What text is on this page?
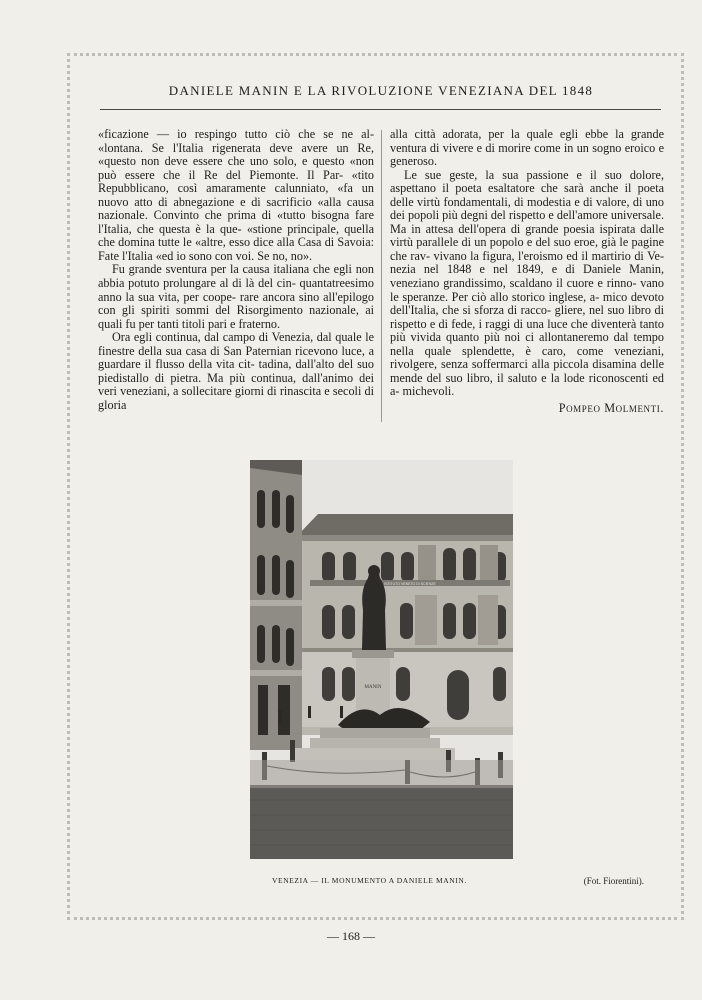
DANIELE MANIN E LA RIVOLUZIONE VENEZIANA DEL 1848

«ficazione — io respingo tutto ciò che se ne al- «lontana. Se l'Italia rigenerata deve avere un Re, «questo non deve essere che uno solo, e questo «non può essere che il Re del Piemonte. Il Par- «tito Repubblicano, così amaramente calunniato, «fa un nuovo atto di abnegazione e di sacrificio «alla causa nazionale. Convinto che prima di «tutto bisogna fare l'Italia, che questa è la que- «stione principale, quella che domina tutte le «altre, esso dice alla Casa di Savoia: Fate l'Italia «ed io sono con voi. Se no, no».

Fu grande sventura per la causa italiana che egli non abbia potuto prolungare al di là del cin- quantatreesimo anno la sua vita, per coope- rare ancora sino all'epilogo con gli spiriti sommi del Risorgimento nazionale, ai quali fu per tanti titoli pari e fraterno.

Ora egli continua, dal campo di Venezia, dal quale le finestre della sua casa di San Paternian ricevono luce, a guardare il flusso della vita cit- tadina, dall'alto del suo piedistallo di pietra. Ma più continua, dall'animo dei veri veneziani, a sollecitare giorni di rinascita e secoli di gloria

alla città adorata, per la quale egli ebbe la grande ventura di vivere e di morire come in un sogno eroico e generoso.

Le sue geste, la sua passione e il suo dolore, aspettano il poeta esaltatore che sarà anche il poeta delle virtù fondamentali, di modestia e di valore, di uno dei popoli più degni del rispetto e dell'amore universale. Ma in attesa dell'opera di grande poesia ispirata dalle virtù parallele di un popolo e del suo eroe, già le pagine che rav- vivano la figura, l'eroismo ed il martirio di Ve- nezia nel 1848 e nel 1849, e di Daniele Manin, veneziano grandissimo, scaldano il cuore e rinno- vano le speranze. Per ciò allo storico inglese, a- mico devoto dell'Italia, che si sforza di racco- gliere, nel suo libro di rispetto e di fede, i raggi di una luce che diventerà tanto più vivida quanto più noi ci allontaneremo dal tempo nella quale splendette, è caro, come veneziani, rivolgere, senza soffermarci alla piccola disamina delle mende del suo libro, il saluto e la lode riconoscenti ed a- michevoli.

Pompeo Molmenti.

ISTITUTO VENETO DI SCIENZE
MANIN
VENEZIA — IL MONUMENTO A DANIELE MANIN.	(Fot. Fiorentini).
— 168 —
